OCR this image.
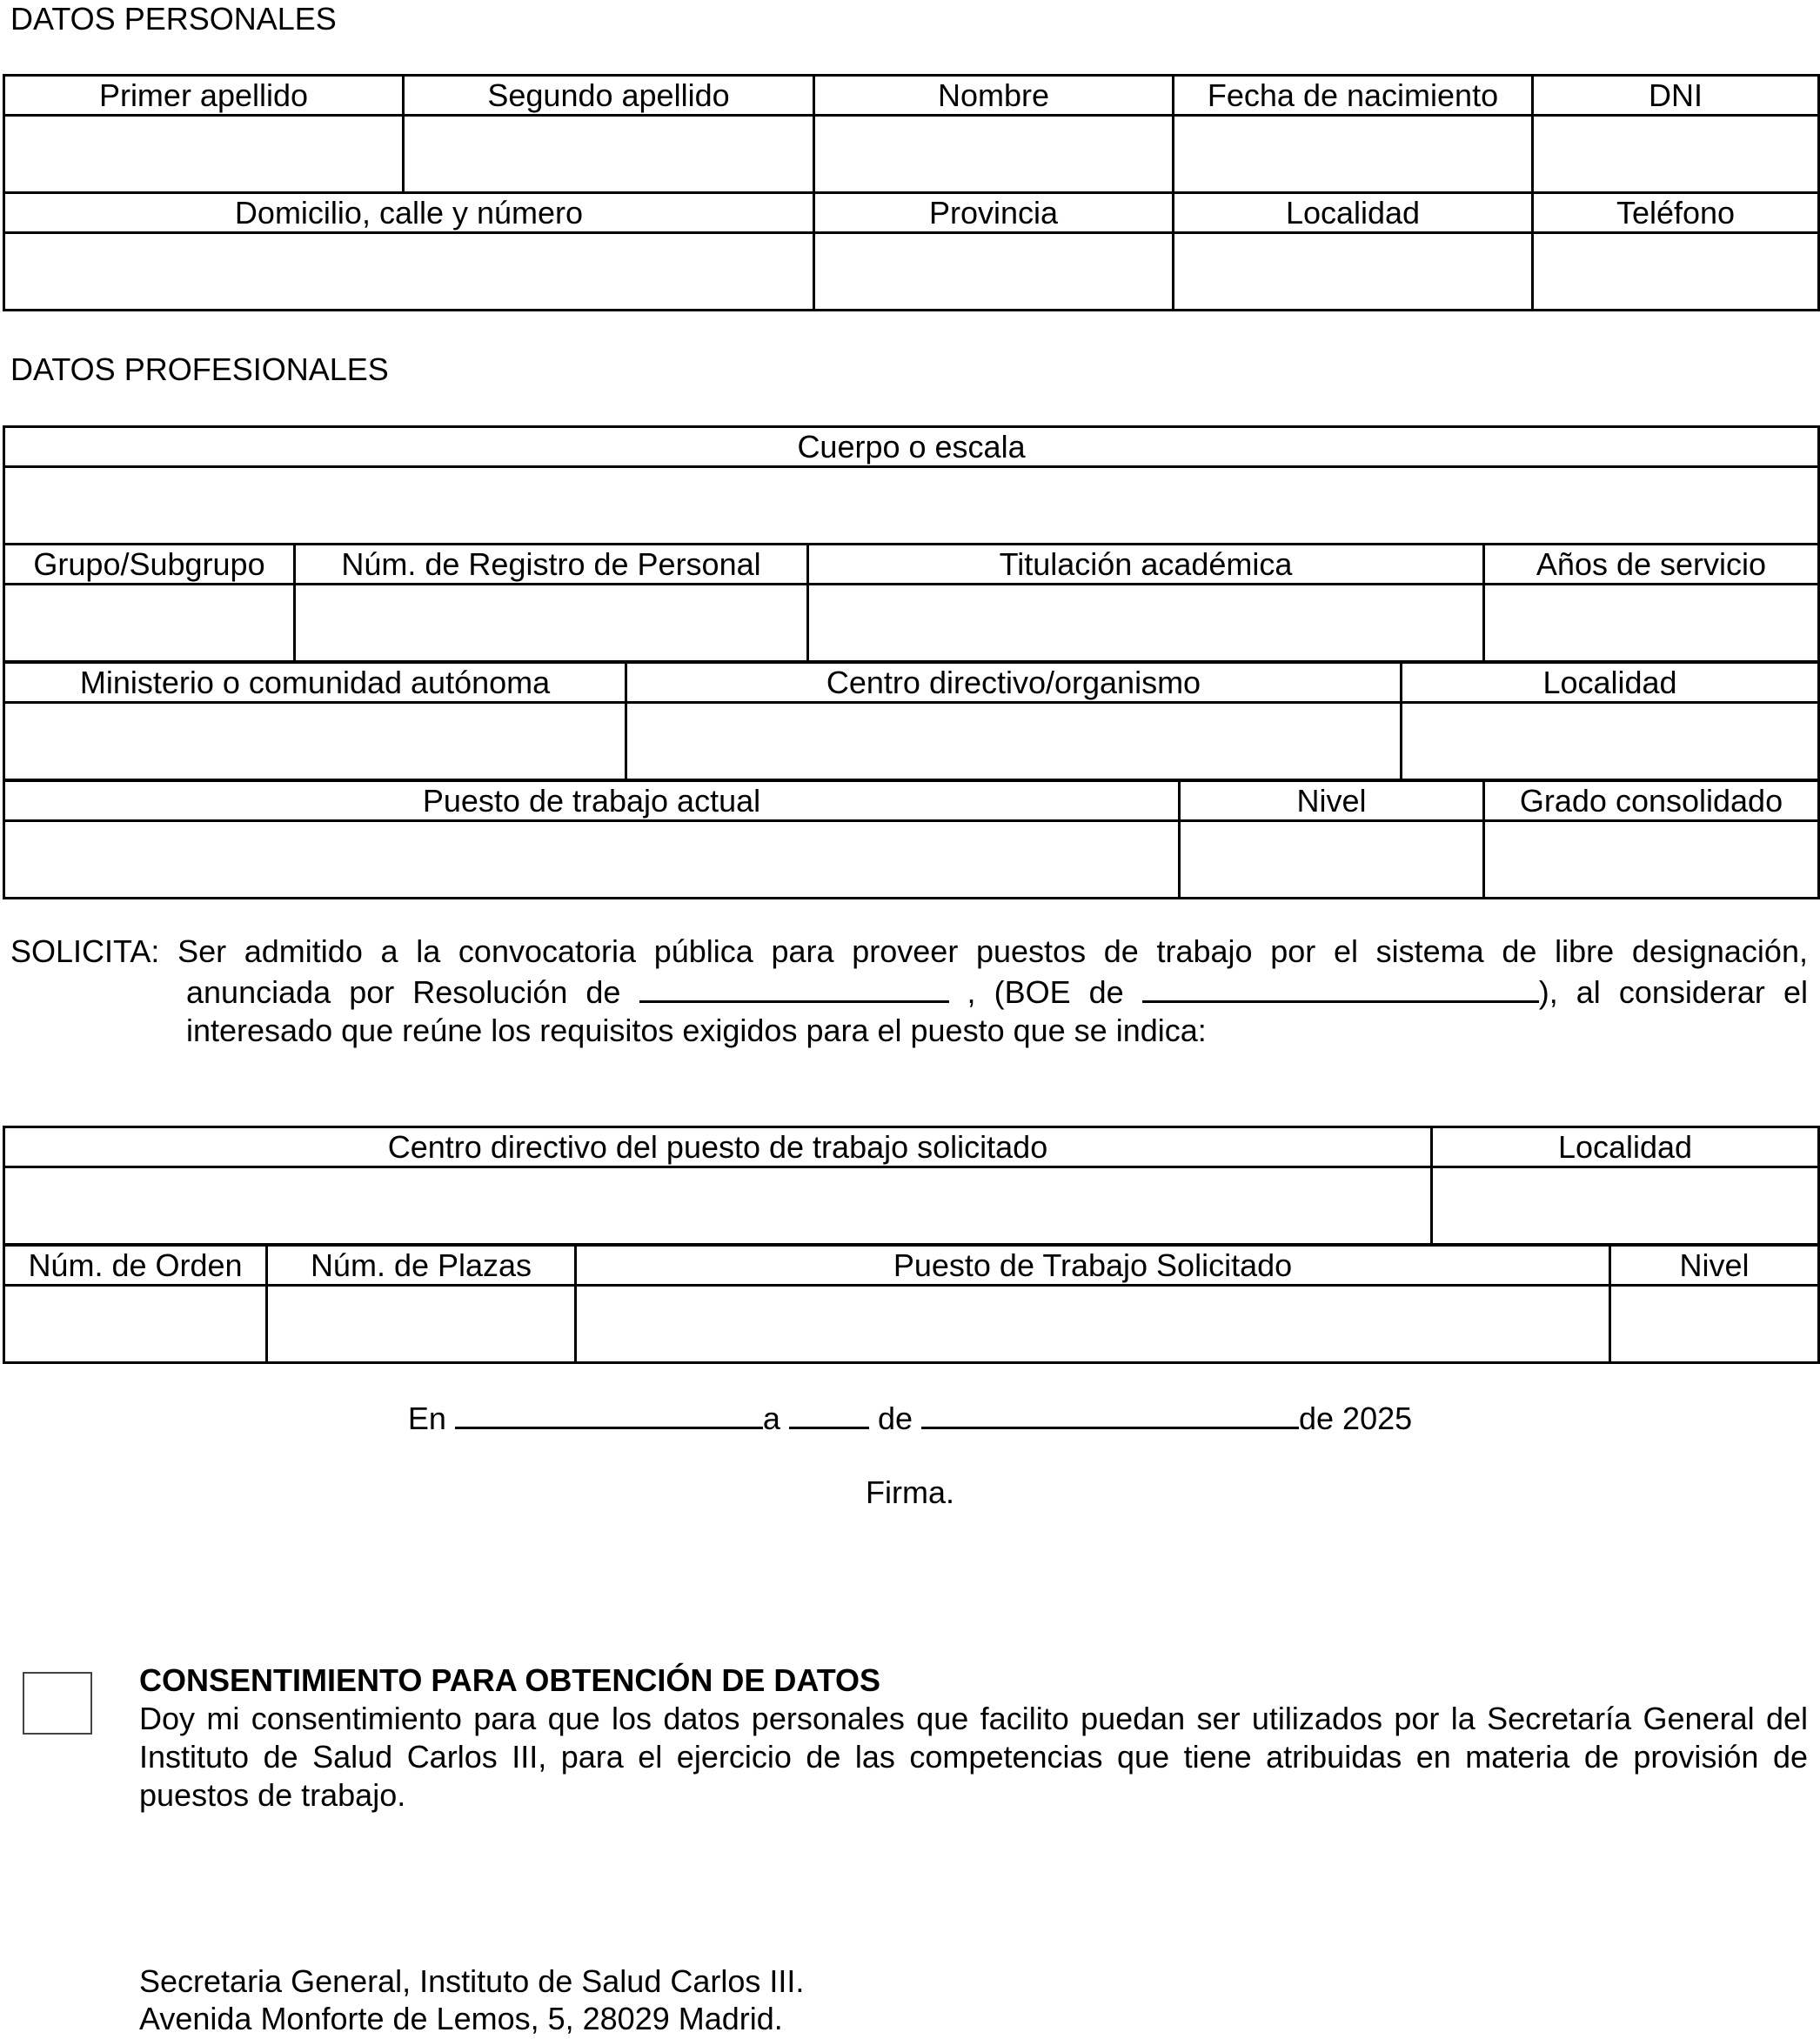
DATOS PERSONALES
Primer apellido	Segundo apellido	Nombre	Fecha de nacimiento	DNI

Domicilio, calle y número		Provincia	Localidad	Teléfono

DATOS PROFESIONALES
Cuerpo o escala

Grupo/Subgrupo	Núm. de Registro de Personal	Titulación académica	Años de servicio

Ministerio o comunidad autónoma	Centro directivo/organismo	Localidad

Puesto de trabajo actual	Nivel	Grado consolidado

SOLICITA: Ser admitido a la convocatoria pública para proveer puestos de trabajo por el sistema de libre designación,
anunciada por Resolución de	, (BOE de	), al considerar el
interesado que reúne los requisitos exigidos para el puesto que se indica:
Centro directivo del puesto de trabajo solicitado	Localidad

Núm. de Orden	Núm. de Plazas	Puesto de Trabajo Solicitado	Nivel

En	a	de	de 2025
Firma.
CONSENTIMIENTO PARA OBTENCIÓN DE DATOS
Doy mi consentimiento para que los datos personales que facilito puedan ser utilizados por la Secretaría General del Instituto de Salud Carlos III, para el ejercicio de las competencias que tiene atribuidas en materia de provisión de puestos de trabajo.
Secretaria General, Instituto de Salud Carlos III.
Avenida Monforte de Lemos, 5, 28029 Madrid.
